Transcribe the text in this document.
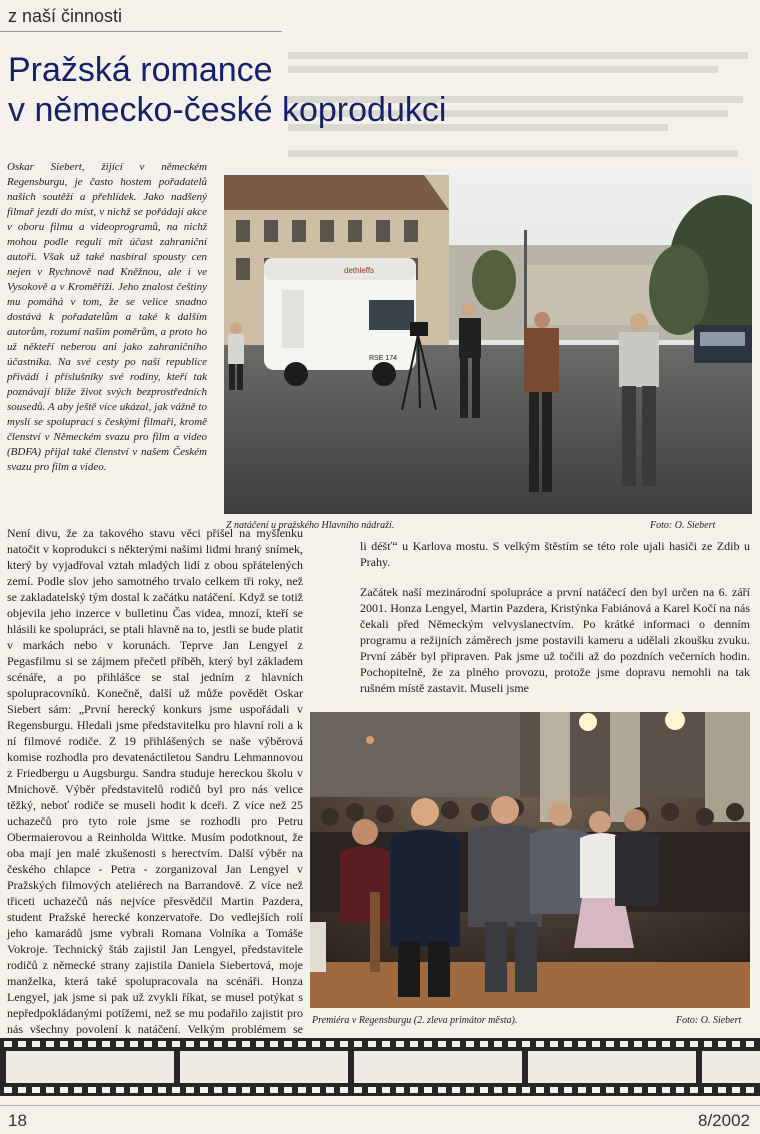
z naší činnosti
Pražská romance
v německo-české koprodukci
Oskar Siebert, žijící v německém Regensburgu, je často hostem pořadatelů našich soutěží a přehlídek. Jako nadšený filmař jezdí do míst, v nichž se pořádají akce v oboru filmu a videoprogramů, na nichž mohou podle regulí mít účast zahraniční autoři. Však už také nasbíral spousty cen nejen v Rychnově nad Kněžnou, ale i ve Vysokově a v Kroměříži. Jeho znalost češtiny mu pomáhá v tom, že se velice snadno dostává k pořadatelům a také k dalším autorům, rozumí našim poměrům, a proto ho už někteří neberou ani jako zahraničního účastníka. Na své cesty po naší republice přivádí i příslušníky své rodiny, kteří tak poznávají blíže život svých bezprostředních sousedů. A aby ještě více ukázal, jak vážně to myslí se spoluprací s českými filmaři, kromě členství v Německém svazu pro film a video (BDFA) přijal také členství v našem Českém svazu pro film a video.
dethleffs
RSE 174
Z natáčení u pražského Hlavního nádraží.	Foto: O. Siebert
Není divu, že za takového stavu věci přišel na myšlenku natočit v koprodukci s některými našimi lidmi hraný snímek, který by vyjadřoval vztah mladých lidí z obou spřátelených zemí. Podle slov jeho samotného trvalo celkem tři roky, než se zakladatelský tým dostal k začátku natáčení. Když se totiž objevila jeho inzerce v bulletinu Čas videa, mnozí, kteří se hlásili ke spolupráci, se ptali hlavně na to, jestli se bude platit v markách nebo v korunách. Teprve Jan Lengyel z Pegasfilmu si se zájmem přečetl příběh, který byl základem scénáře, a po přihlášce se stal jedním z hlavních spolupracovníků. Konečně, další už může povědět Oskar Siebert sám: „První herecký konkurs jsme uspořádali v Regensburgu. Hledali jsme představitelku pro hlavní roli a k ní filmové rodiče. Z 19 přihlášených se naše výběrová komise rozhodla pro devatenáctiletou Sandru Lehmannovou z Friedbergu u Augsburgu. Sandra studuje hereckou školu v Mnichově. Výběr představitelů rodičů byl pro nás velice těžký, neboť rodiče se museli hodit k dceři. Z více než 25 uchazečů pro tyto role jsme se rozhodli pro Petru Obermaierovou a Reinholda Wittke. Musím podotknout, že oba mají jen malé zkušenosti s herectvím. Další výběr na českého chlapce - Petra - zorganizoval Jan Lengyel v Pražských filmových ateliérech na Barrandově. Z více než třiceti uchazečů nás nejvíce přesvědčil Martin Pazdera, student Pražské herecké konzervatoře. Do vedlejších rolí jeho kamarádů jsme vybrali Romana Volníka a Tomáše Vokroje. Technický štáb zajistil Jan Lengyel, představitele rodičů z německé strany zajistila Daniela Siebertová, moje manželka, která také spolupracovala na scénáři. Honza Lengyel, jak jsme si pak už zvykli říkat, se musel potýkat s nepředpokládanými potížemi, než se mu podařilo zajistit pro nás všechny povolení k natáčení. Velkým problémem se

li déšť“ u Karlova mostu. S velkým štěstím se této role ujali hasiči ze Zdib u Prahy.

Začátek naší mezinárodní spolupráce a první natáčecí den byl určen na 6. září 2001. Honza Lengyel, Martin Pazdera, Kristýnka Fabiánová a Karel Kočí na nás čekali před Německým velvyslanectvím. Po krátké informaci o denním programu a režijních záměrech jsme postavili kameru a udělali zkoušku zvuku. První záběr byl připraven. Pak jsme už točili až do pozdních večerních hodin. Pochopitelně, že za plného provozu, protože jsme dopravu nemohli na tak rušném místě zastavit. Museli jsme

Premiéra v Regensburgu (2. zleva primátor města).	Foto: O. Siebert
18	8/2002
